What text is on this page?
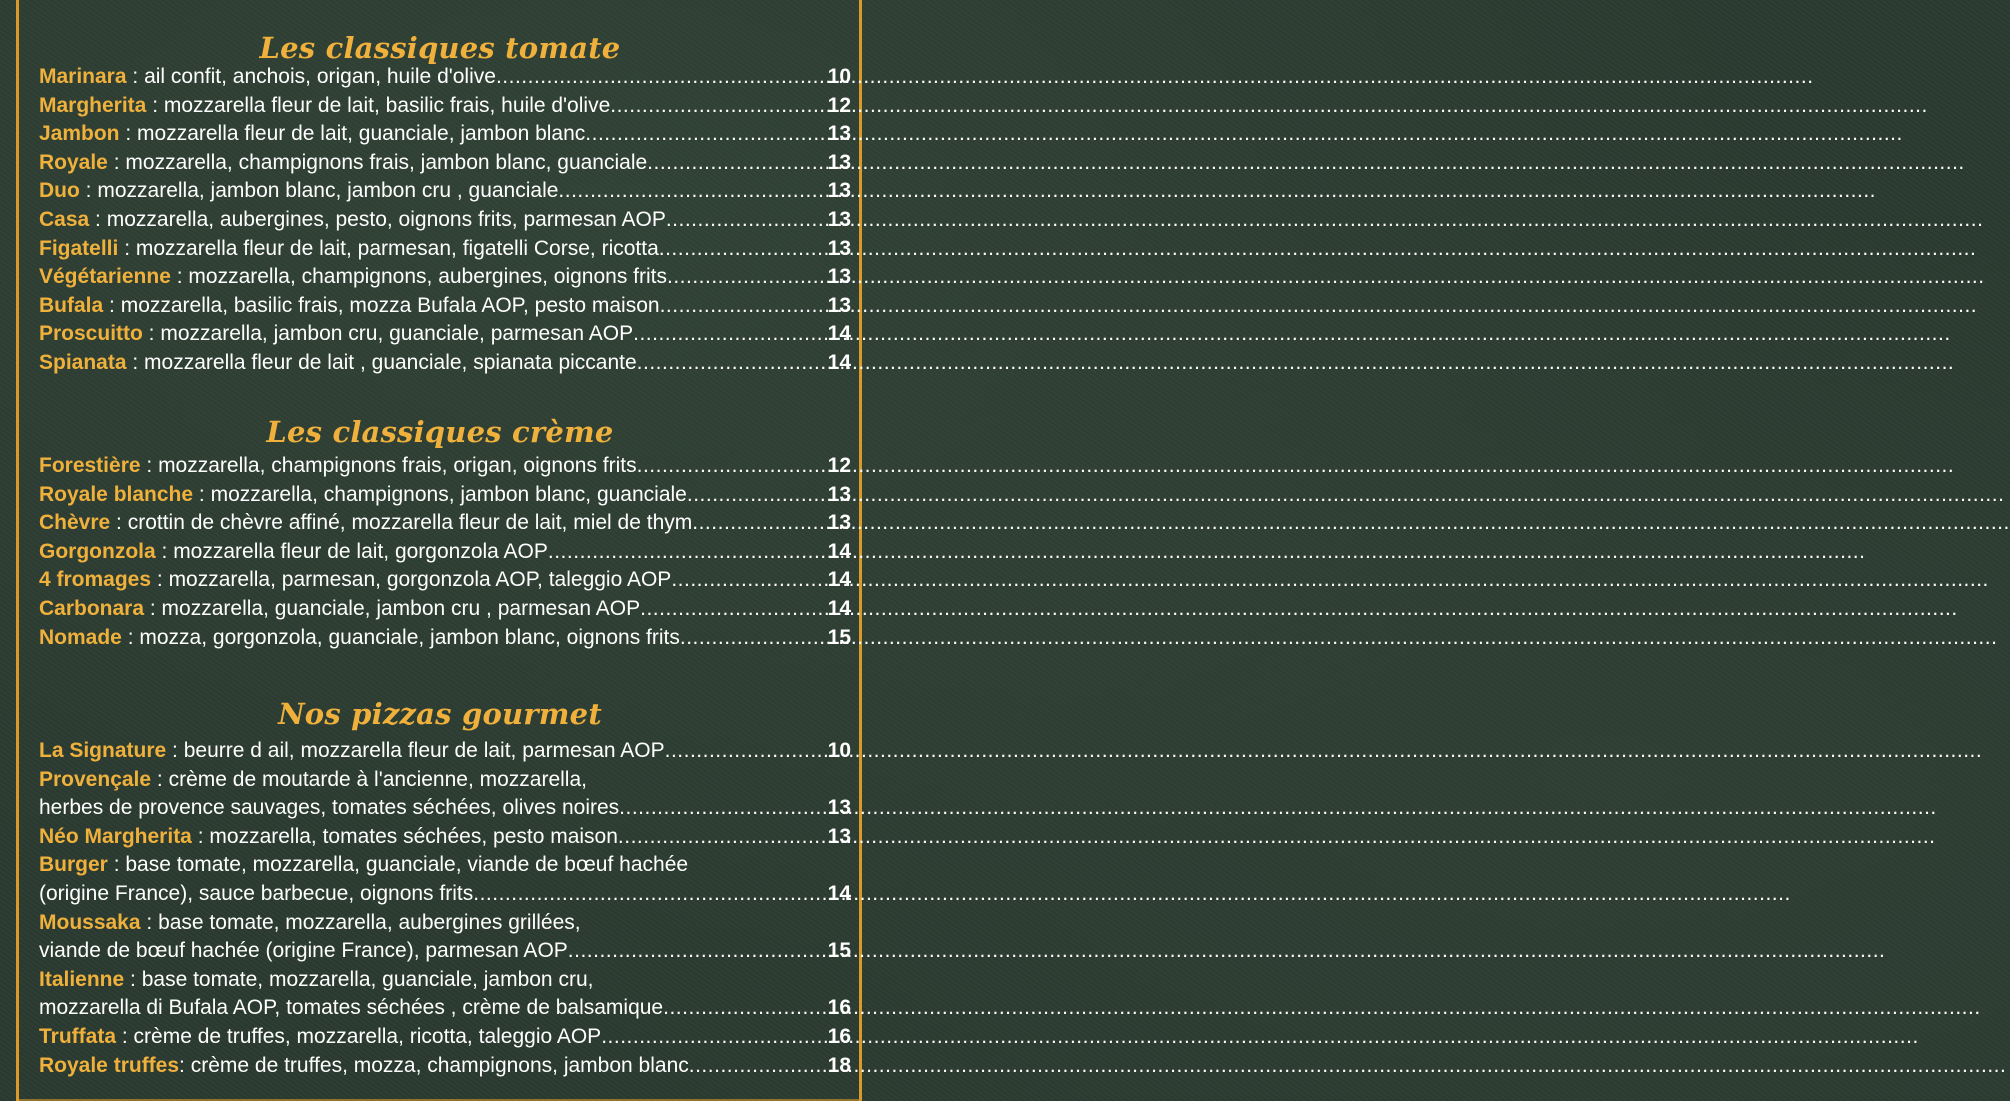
Les classiques tomate
Marinara : ail confit, anchois, origan, huile d'olive .....	10
Margherita : mozzarella fleur de lait, basilic frais, huile d'olive .....	12
Jambon : mozzarella fleur de lait, guanciale, jambon blanc .....	13
Royale : mozzarella, champignons frais, jambon blanc, guanciale .....	13
Duo : mozzarella, jambon blanc, jambon cru , guanciale .....	13
Casa : mozzarella, aubergines, pesto, oignons frits, parmesan AOP .....	13
Figatelli : mozzarella fleur de lait, parmesan, figatelli Corse, ricotta .....	13
Végétarienne : mozzarella, champignons, aubergines, oignons frits .....	13
Bufala : mozzarella, basilic frais, mozza Bufala AOP, pesto maison .....	13
Proscuitto : mozzarella, jambon cru, guanciale, parmesan AOP .....	14
Spianata : mozzarella fleur de lait , guanciale, spianata piccante .....	14
Les classiques crème
Forestière : mozzarella, champignons frais, origan, oignons frits .....	12
Royale blanche : mozzarella, champignons, jambon blanc, guanciale .....	13
Chèvre : crottin de chèvre affiné, mozzarella fleur de lait, miel de thym .....	13
Gorgonzola : mozzarella fleur de lait, gorgonzola AOP .....	14
4 fromages : mozzarella, parmesan, gorgonzola AOP, taleggio AOP .....	14
Carbonara : mozzarella, guanciale, jambon cru , parmesan AOP .....	14
Nomade : mozza, gorgonzola, guanciale, jambon blanc, oignons frits .....	15
Nos pizzas gourmet
La Signature : beurre d ail, mozzarella fleur de lait, parmesan AOP .....	10
Provençale : crème de moutarde à l'ancienne, mozzarella,
herbes de provence sauvages, tomates séchées, olives noires .....	13
Néo Margherita : mozzarella, tomates séchées, pesto maison .....	13
Burger : base tomate, mozzarella, guanciale, viande de bœuf hachée
(origine France), sauce barbecue, oignons frits .....	14
Moussaka : base tomate, mozzarella, aubergines grillées,
viande de bœuf hachée (origine France), parmesan AOP .....	15
Italienne : base tomate, mozzarella, guanciale, jambon cru,
mozzarella di Bufala AOP, tomates séchées , crème de balsamique .....	16
Truffata : crème de truffes, mozzarella, ricotta, taleggio AOP .....	16
Royale truffes : crème de truffes, mozza, champignons, jambon blanc .....	18
